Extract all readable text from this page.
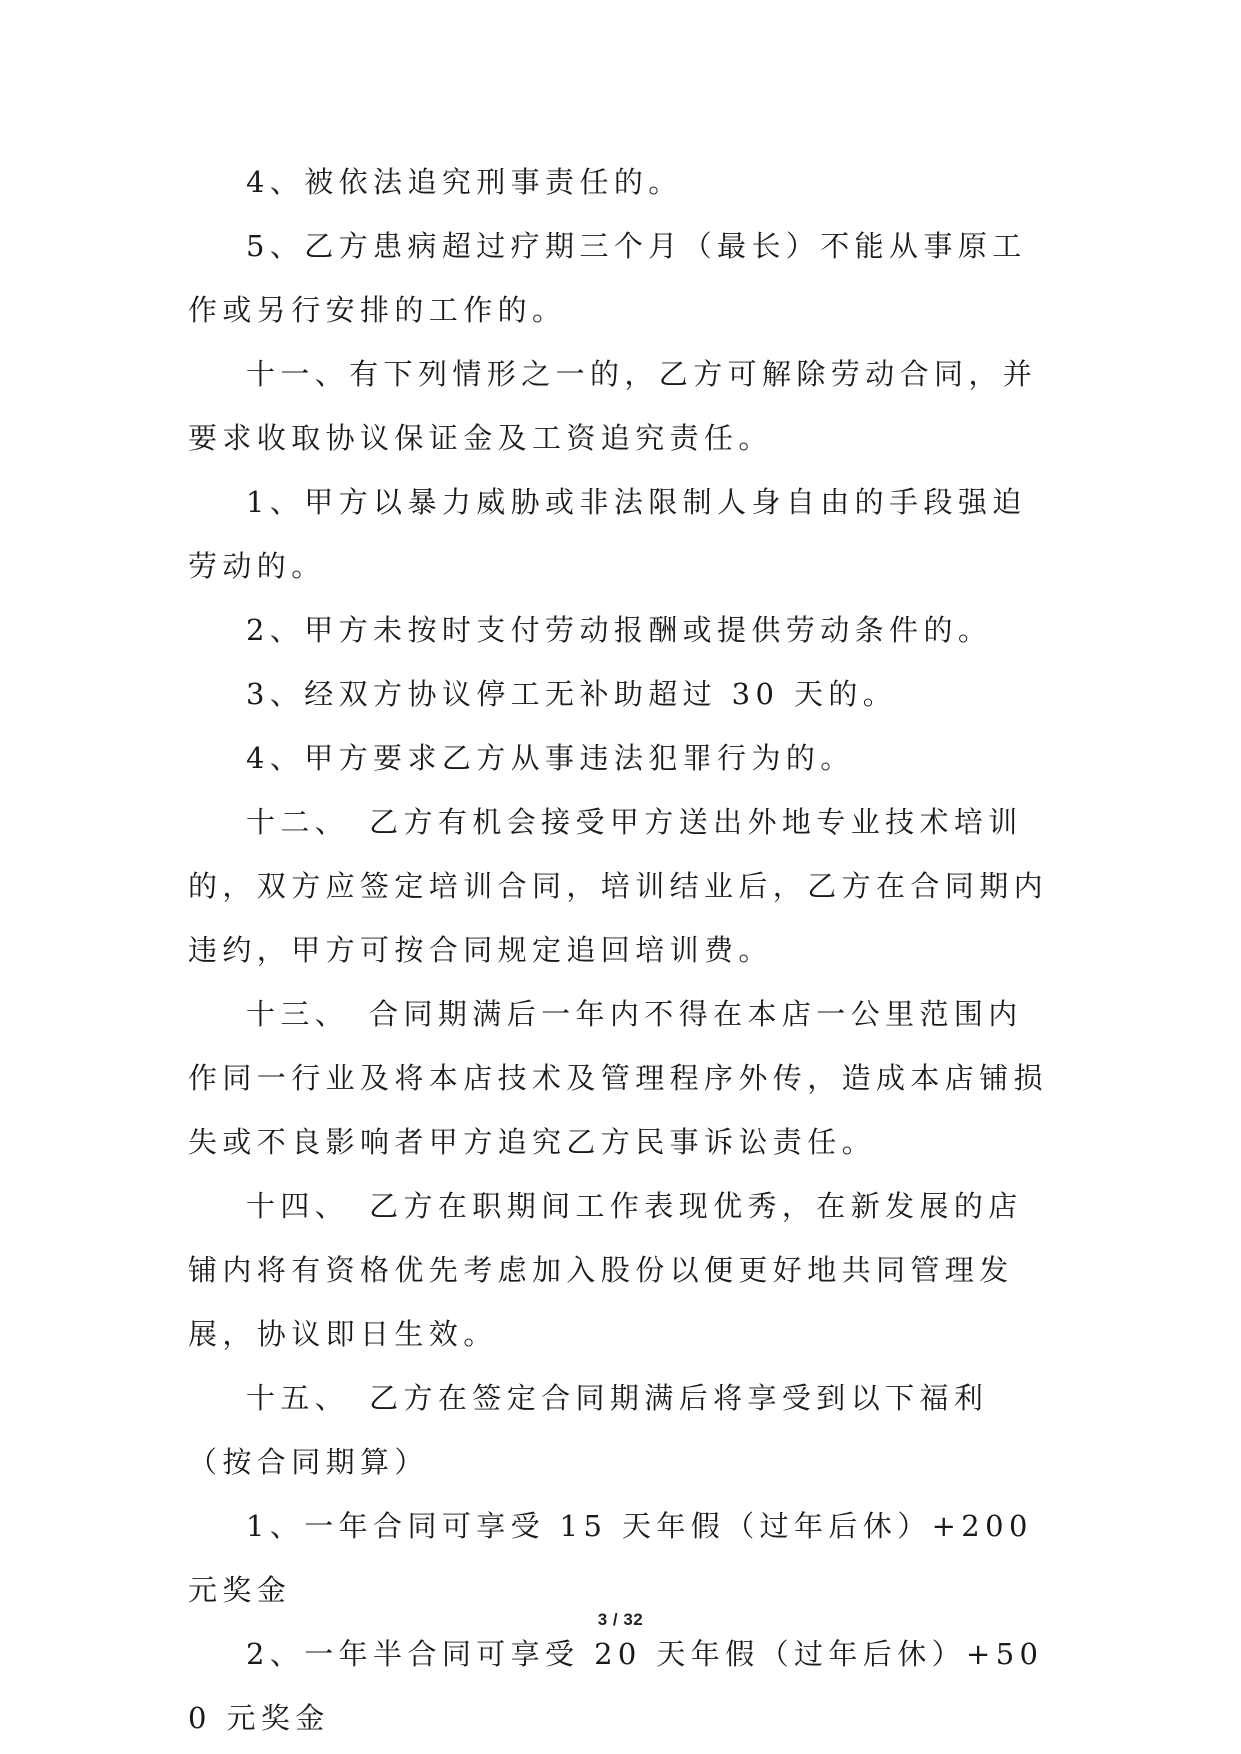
4、被依法追究刑事责任的。

5、乙方患病超过疗期三个月（最长）不能从事原工作或另行安排的工作的。

十一、有下列情形之一的，乙方可解除劳动合同，并要求收取协议保证金及工资追究责任。

1、甲方以暴力威胁或非法限制人身自由的手段强迫劳动的。

2、甲方未按时支付劳动报酬或提供劳动条件的。

3、经双方协议停工无补助超过 30 天的。

4、甲方要求乙方从事违法犯罪行为的。

十二、　乙方有机会接受甲方送出外地专业技术培训的，双方应签定培训合同，培训结业后，乙方在合同期内违约，甲方可按合同规定追回培训费。

十三、　合同期满后一年内不得在本店一公里范围内作同一行业及将本店技术及管理程序外传，造成本店铺损失或不良影响者甲方追究乙方民事诉讼责任。

十四、　乙方在职期间工作表现优秀，在新发展的店铺内将有资格优先考虑加入股份以便更好地共同管理发展，协议即日生效。

十五、　乙方在签定合同期满后将享受到以下福利（按合同期算）

1、一年合同可享受 15 天年假（过年后休）+200 元奖金

2、一年半合同可享受 20 天年假（过年后休）+500 元奖金

3 / 32
